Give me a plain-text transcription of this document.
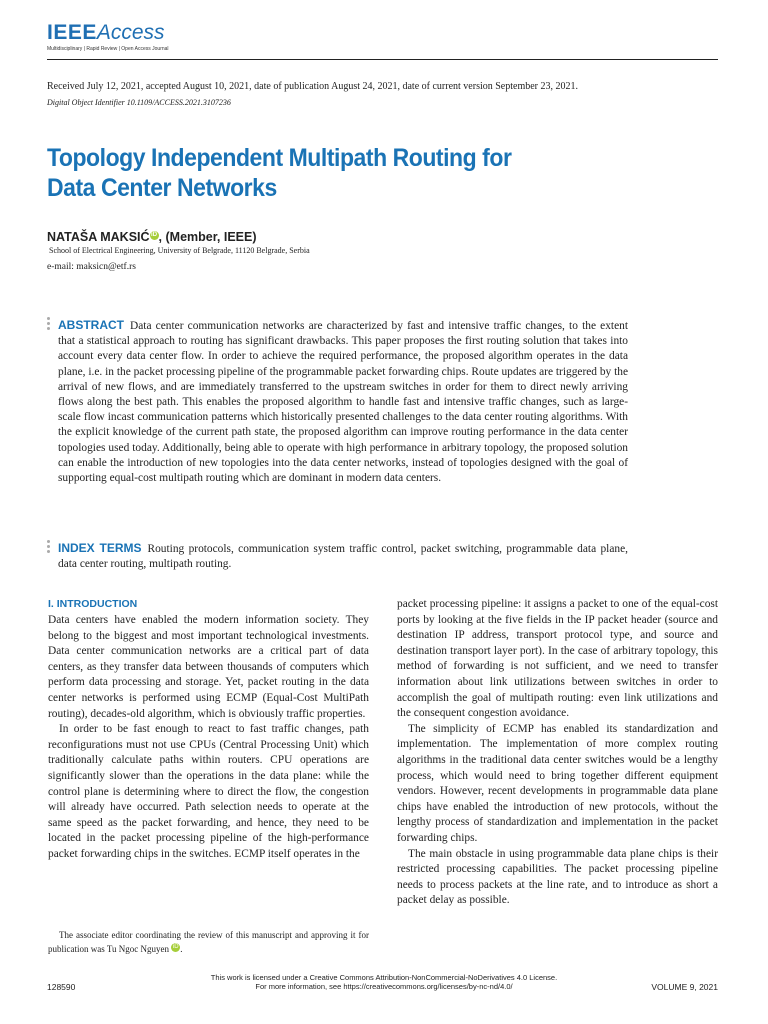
IEEEAccess
Multidisciplinary | Rapid Review | Open Access Journal
Received July 12, 2021, accepted August 10, 2021, date of publication August 24, 2021, date of current version September 23, 2021.
Digital Object Identifier 10.1109/ACCESS.2021.3107236
Topology Independent Multipath Routing for Data Center Networks
NATAŠA MAKSIĆ iD , (Member, IEEE)
School of Electrical Engineering, University of Belgrade, 11120 Belgrade, Serbia
e-mail: maksicn@etf.rs
ABSTRACT Data center communication networks are characterized by fast and intensive traffic changes, to the extent that a statistical approach to routing has significant drawbacks. This paper proposes the first routing solution that takes into account every data center flow. In order to achieve the required performance, the proposed algorithm operates in the data plane, i.e. in the packet processing pipeline of the programmable packet forwarding chips. Route updates are triggered by the arrival of new flows, and are immediately transferred to the upstream switches in order for them to direct newly arriving flows along the best path. This enables the proposed algorithm to handle fast and intensive traffic changes, such as large-scale flow incast communication patterns which historically presented challenges to the data center routing algorithms. With the explicit knowledge of the current path state, the proposed algorithm can improve routing performance in the data center topologies used today. Additionally, being able to operate with high performance in arbitrary topology, the proposed solution can enable the introduction of new topologies into the data center networks, instead of topologies designed with the goal of supporting equal-cost multipath routing which are dominant in modern data centers.
INDEX TERMS Routing protocols, communication system traffic control, packet switching, programmable data plane, data center routing, multipath routing.
I. INTRODUCTION

Data centers have enabled the modern information society. They belong to the biggest and most important technological investments. Data center communication networks are a critical part of data centers, as they transfer data between thousands of computers which perform data processing and storage. Yet, packet routing in the data center networks is performed using ECMP (Equal-Cost MultiPath routing), decades-old algorithm, which is obviously traffic properties.

In order to be fast enough to react to fast traffic changes, path reconfigurations must not use CPUs (Central Processing Unit) which traditionally calculate paths within routers. CPU operations are significantly slower than the operations in the data plane: while the control plane is determining where to direct the flow, the congestion will already have occurred. Path selection needs to operate at the same speed as the packet forwarding, and hence, they need to be located in the packet processing pipeline of the high-performance packet forwarding chips in the switches. ECMP itself operates in the

packet processing pipeline: it assigns a packet to one of the equal-cost ports by looking at the five fields in the IP packet header (source and destination IP address, transport protocol type, and source and destination transport layer port). In the case of arbitrary topology, this method of forwarding is not sufficient, and we need to transfer information about link utilizations between switches in order to accomplish the goal of multipath routing: even link utilizations and the consequent congestion avoidance.

The simplicity of ECMP has enabled its standardization and implementation. The implementation of more complex routing algorithms in the traditional data center switches would be a lengthy process, which would need to bring together different equipment vendors. However, recent developments in programmable data plane chips have enabled the introduction of new protocols, without the lengthy process of standardization and implementation in the packet forwarding chips.

The main obstacle in using programmable data plane chips is their restricted processing capabilities. The packet processing pipeline needs to process packets at the line rate, and to introduce as short a packet delay as possible.

The associate editor coordinating the review of this manuscript and approving it for publication was Tu Ngoc Nguyen iD .
This work is licensed under a Creative Commons Attribution-NonCommercial-NoDerivatives 4.0 License.
For more information, see https://creativecommons.org/licenses/by-nc-nd/4.0/
128590	VOLUME 9, 2021
